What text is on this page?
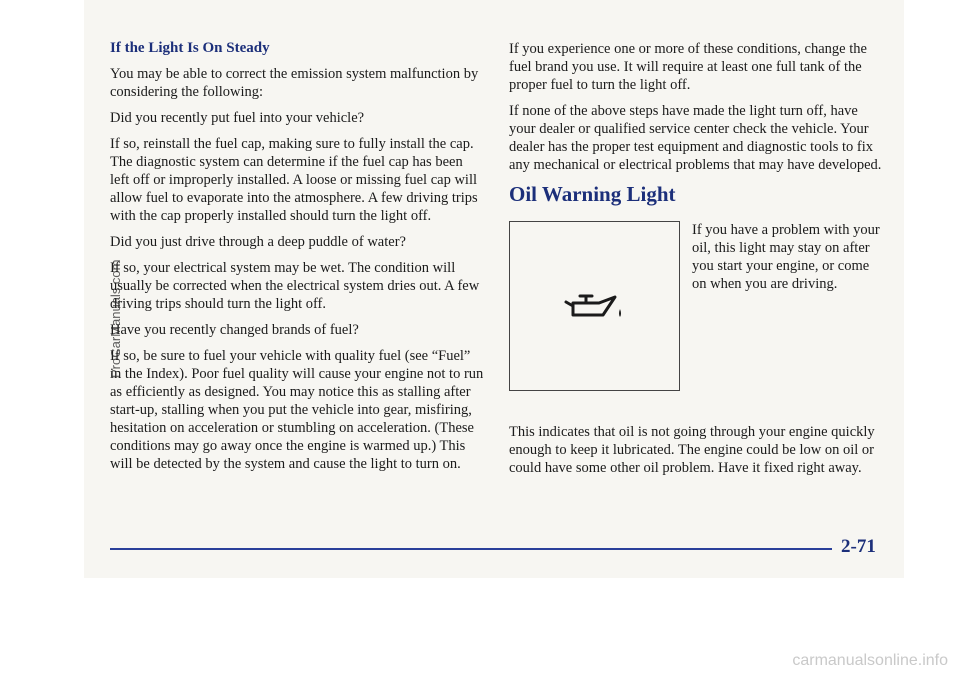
If the Light Is On Steady

You may be able to correct the emission system malfunction by considering the following:

Did you recently put fuel into your vehicle?

If so, reinstall the fuel cap, making sure to fully install the cap. The diagnostic system can determine if the fuel cap has been left off or improperly installed. A loose or missing fuel cap will allow fuel to evaporate into the atmosphere. A few driving trips with the cap properly installed should turn the light off.

Did you just drive through a deep puddle of water?

If so, your electrical system may be wet. The condition will usually be corrected when the electrical system dries out. A few driving trips should turn the light off.

Have you recently changed brands of fuel?

If so, be sure to fuel your vehicle with quality fuel (see “Fuel” in the Index). Poor fuel quality will cause your engine not to run as efficiently as designed. You may notice this as stalling after start-up, stalling when you put the vehicle into gear, misfiring, hesitation on acceleration or stumbling on acceleration. (These conditions may go away once the engine is warmed up.) This will be detected by the system and cause the light to turn on.

If you experience one or more of these conditions, change the fuel brand you use. It will require at least one full tank of the proper fuel to turn the light off.

If none of the above steps have made the light turn off, have your dealer or qualified service center check the vehicle. Your dealer has the proper test equipment and diagnostic tools to fix any mechanical or electrical problems that may have developed.

Oil Warning Light

If you have a problem with your oil, this light may stay on after you start your engine, or come on when you are driving.

This indicates that oil is not going through your engine quickly enough to keep it lubricated. The engine could be low on oil or could have some other oil problem. Have it fixed right away.

2-71
ProCarManuals.com
carmanualsonline.info
